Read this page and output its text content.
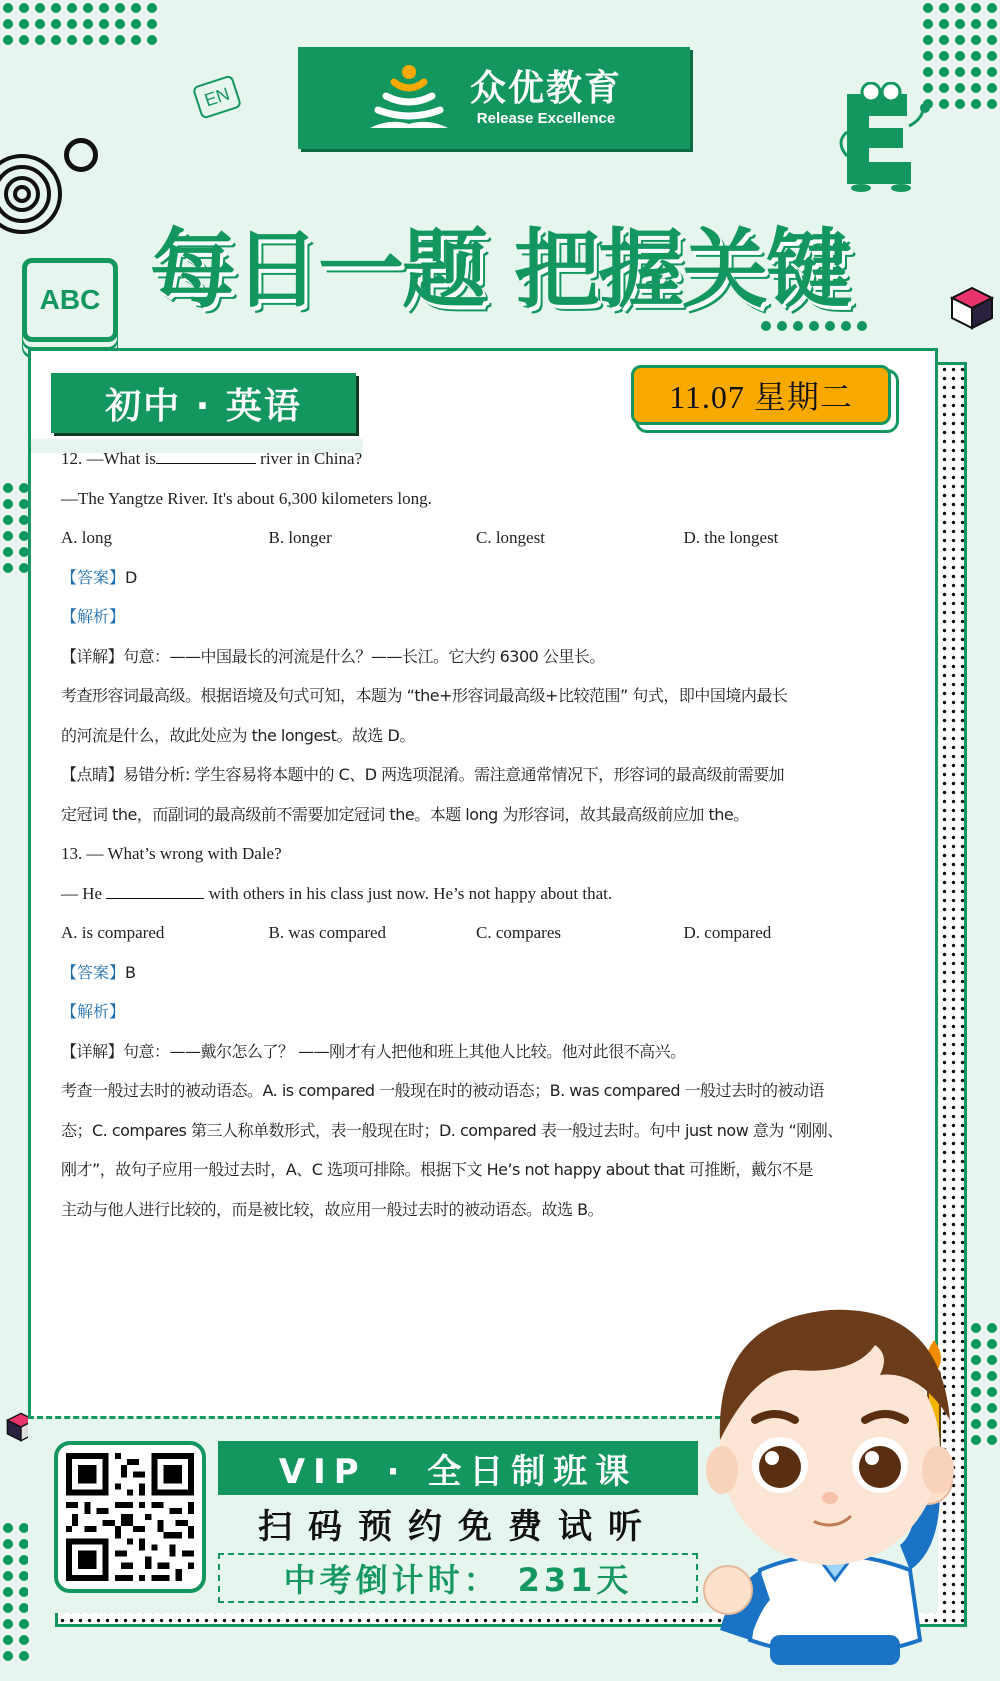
EN
ABC
众优教育
Release Excellence
每日一题 把握关键
初中 · 英语	11.07 星期二
12. —What is	river in China?
—The Yangtze River. It's about 6,300 kilometers long.
A. long	B. longer	C. longest	D. the longest
【答案】D
【解析】
【详解】句意：——中国最长的河流是什么？——长江。它大约 6300 公里长。
考查形容词最高级。根据语境及句式可知，本题为 “the+形容词最高级+比较范围” 句式，即中国境内最长
的河流是什么，故此处应为 the longest。故选 D。
【点睛】易错分析: 学生容易将本题中的 C、D 两选项混淆。需注意通常情况下，形容词的最高级前需要加
定冠词 the，而副词的最高级前不需要加定冠词 the。本题 long 为形容词，故其最高级前应加 the。
13. — What’s wrong with Dale?
— He	with others in his class just now. He’s not happy about that.
A. is compared	B. was compared	C. compares	D. compared
【答案】B
【解析】
【详解】句意：——戴尔怎么了？ ——刚才有人把他和班上其他人比较。他对此很不高兴。
考查一般过去时的被动语态。A. is compared 一般现在时的被动语态；B. was compared 一般过去时的被动语
态；C. compares 第三人称单数形式，表一般现在时；D. compared 表一般过去时。句中 just now 意为 “刚刚、
刚才”，故句子应用一般过去时，A、C 选项可排除。根据下文 He’s not happy about that 可推断，戴尔不是
主动与他人进行比较的，而是被比较，故应用一般过去时的被动语态。故选 B。
VIP · 全日制班课
扫码预约免费试听
中考倒计时： 231天
